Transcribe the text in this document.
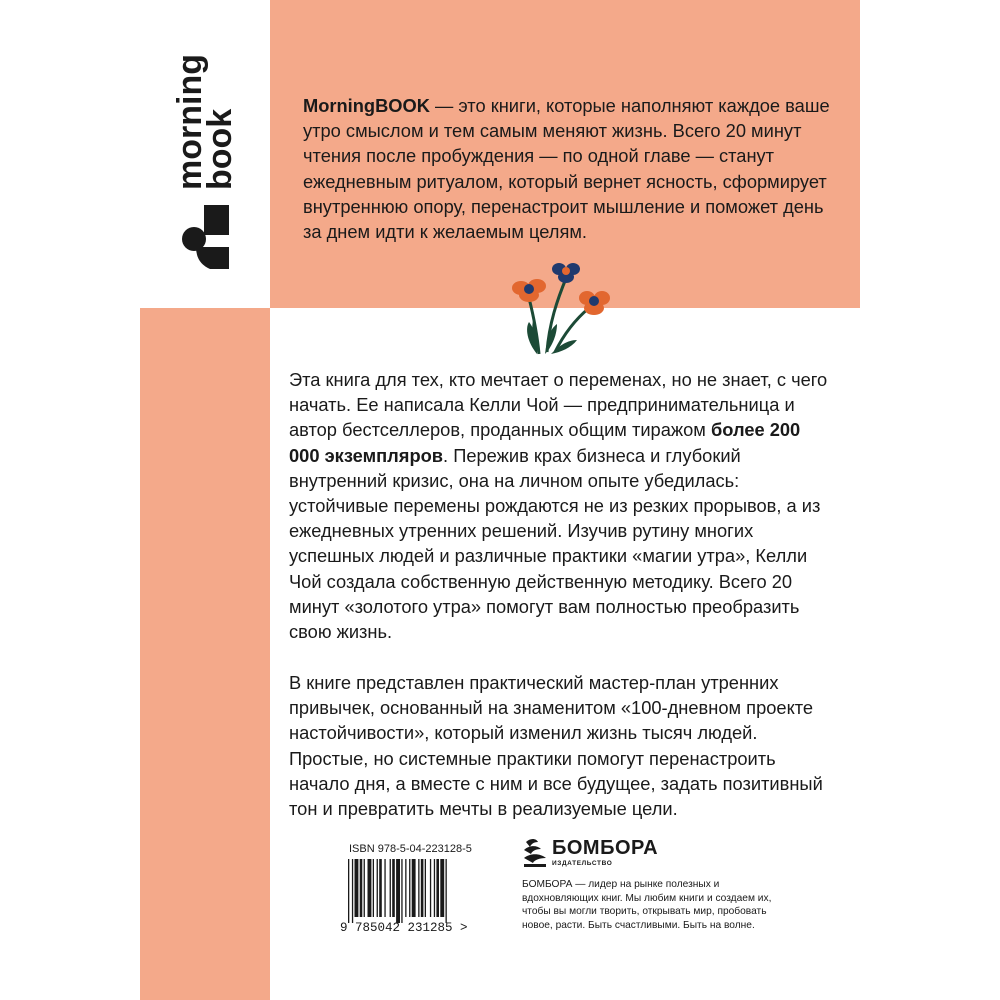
morning
book

MorningBOOK — это книги, которые наполняют каждое ваше утро смыслом и тем самым меняют жизнь. Всего 20 минут чтения после пробуждения — по одной главе — станут ежедневным ритуалом, который вернет ясность, сформирует внутреннюю опору, перенастроит мышление и поможет день за днем идти к желаемым целям.

Эта книга для тех, кто мечтает о переменах, но не знает, с чего начать. Ее написала Келли Чой — предпринимательница и автор бестселлеров, проданных общим тиражом более 200 000 экземпляров. Пережив крах бизнеса и глубокий внутренний кризис, она на личном опыте убедилась: устойчивые перемены рождаются не из резких прорывов, а из ежедневных утренних решений. Изучив рутину многих успешных людей и различные практики «магии утра», Келли Чой создала собственную действенную методику. Всего 20 минут «золотого утра» помогут вам полностью преобразить свою жизнь.

В книге представлен практический мастер-план утренних привычек, основанный на знаменитом «100-дневном проекте настойчивости», который изменил жизнь тысяч людей. Простые, но системные практики помогут перенастроить начало дня, а вместе с ним и все будущее, задать позитивный тон и превратить мечты в реализуемые цели.

ISBN 978-5-04-223128-5
9 785042 231285 >
БОМБОРА
ИЗДАТЕЛЬСТВО

БОМБОРА — лидер на рынке полезных и вдохновляющих книг. Мы любим книги и создаем их, чтобы вы могли творить, открывать мир, пробовать новое, расти. Быть счастливыми. Быть на волне.
